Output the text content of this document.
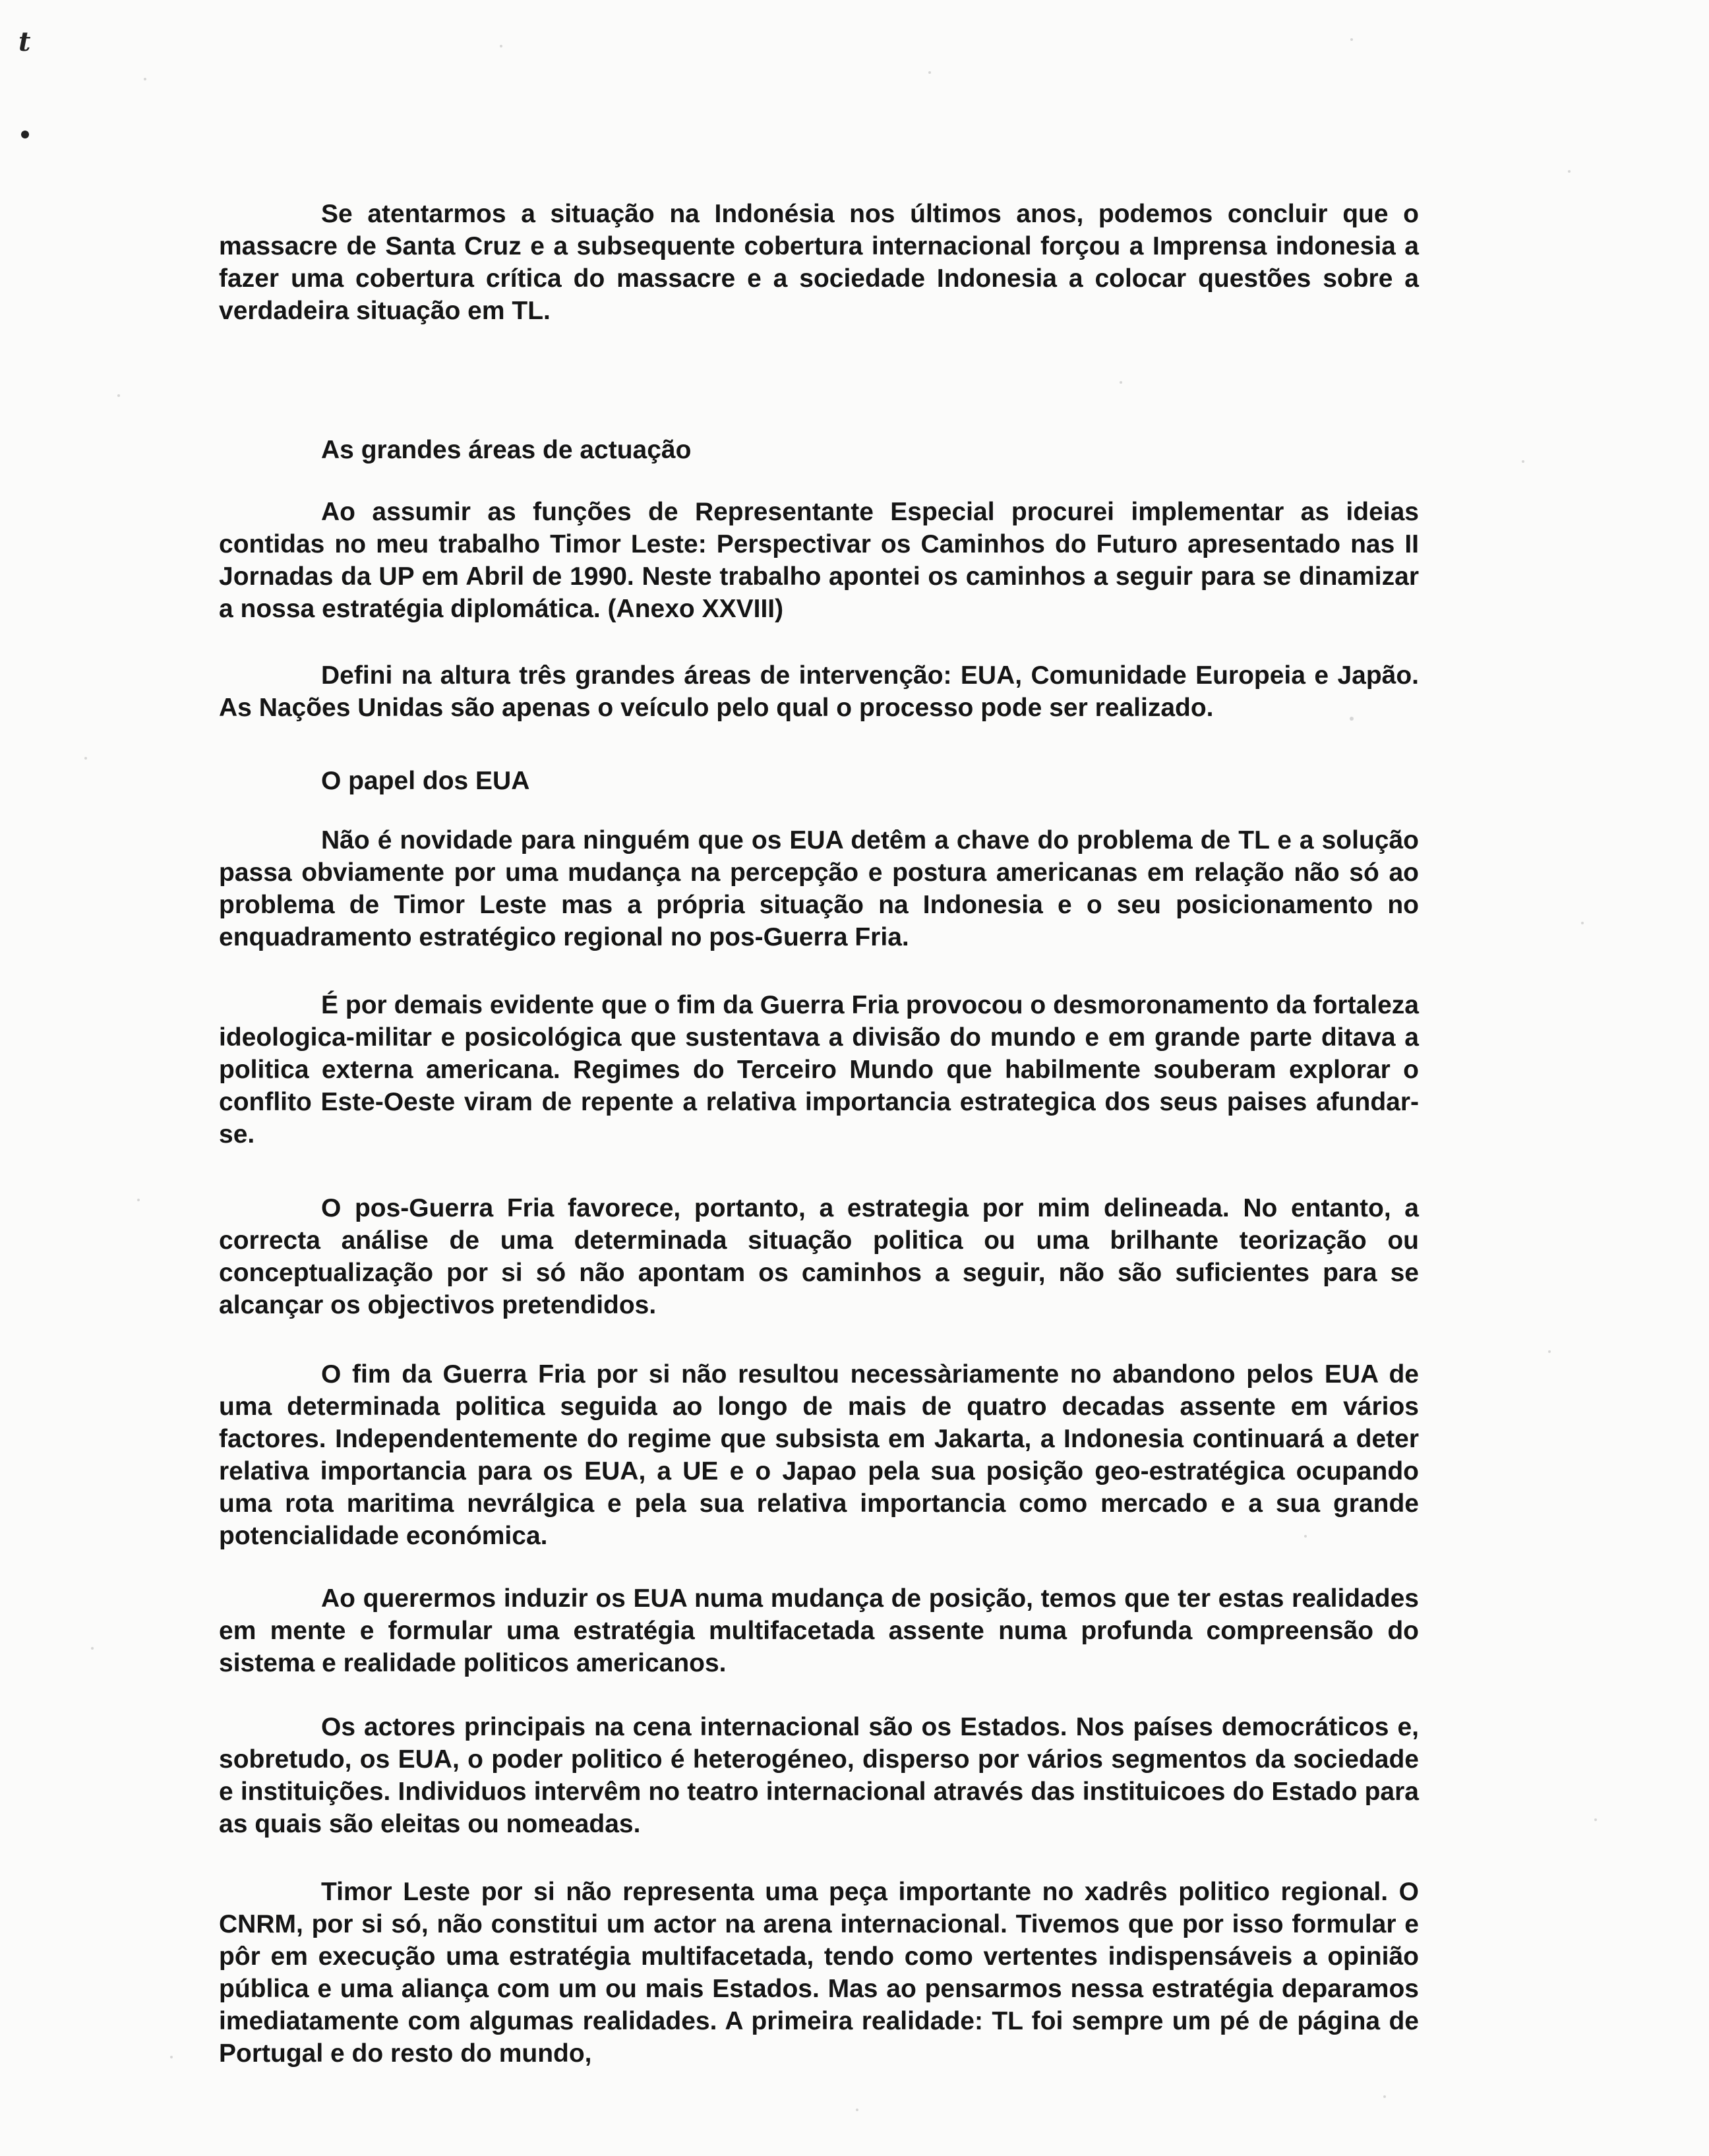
t

Se atentarmos a situação na Indonésia nos últimos anos, podemos concluir que o massacre de Santa Cruz e a subsequente cobertura internacional forçou a Imprensa indonesia a fazer uma cobertura crítica do massacre e a sociedade Indonesia a colocar questões sobre a verdadeira situação em TL.

As grandes áreas de actuação

Ao assumir as funções de Representante Especial procurei implementar as ideias contidas no meu trabalho Timor Leste: Perspectivar os Caminhos do Futuro apresentado nas II Jornadas da UP em Abril de 1990. Neste trabalho apontei os caminhos a seguir para se dinamizar a nossa estratégia diplomática. (Anexo XXVIII)

Defini na altura três grandes áreas de intervenção: EUA, Comunidade Europeia e Japão. As Nações Unidas são apenas o veículo pelo qual o processo pode ser realizado.

O papel dos EUA

Não é novidade para ninguém que os EUA detêm a chave do problema de TL e a solução passa obviamente por uma mudança na percepção e postura americanas em relação não só ao problema de Timor Leste mas a própria situação na Indonesia e o seu posicionamento no enquadramento estratégico regional no pos-Guerra Fria.

É por demais evidente que o fim da Guerra Fria provocou o desmoronamento da fortaleza ideologica-militar e posicológica que sustentava a divisão do mundo e em grande parte ditava a politica externa americana. Regimes do Terceiro Mundo que habilmente souberam explorar o conflito Este-Oeste viram de repente a relativa importancia estrategica dos seus paises afundar-se.

O pos-Guerra Fria favorece, portanto, a estrategia por mim delineada. No entanto, a correcta análise de uma determinada situação politica ou uma brilhante teorização ou conceptualização por si só não apontam os caminhos a seguir, não são suficientes para se alcançar os objectivos pretendidos.

O fim da Guerra Fria por si não resultou necessàriamente no abandono pelos EUA de uma determinada politica seguida ao longo de mais de quatro decadas assente em vários factores. Independentemente do regime que subsista em Jakarta, a Indonesia continuará a deter relativa importancia para os EUA, a UE e o Japao pela sua posição geo-estratégica ocupando uma rota maritima nevrálgica e pela sua relativa importancia como mercado e a sua grande potencialidade económica.

Ao querermos induzir os EUA numa mudança de posição, temos que ter estas realidades em mente e formular uma estratégia multifacetada assente numa profunda compreensão do sistema e realidade politicos americanos.

Os actores principais na cena internacional são os Estados. Nos países democráticos e, sobretudo, os EUA, o poder politico é heterogéneo, disperso por vários segmentos da sociedade e instituições. Individuos intervêm no teatro internacional através das instituicoes do Estado para as quais são eleitas ou nomeadas.

Timor Leste por si não representa uma peça importante no xadrês politico regional. O CNRM, por si só, não constitui um actor na arena internacional. Tivemos que por isso formular e pôr em execução uma estratégia multifacetada, tendo como vertentes indispensáveis a opinião pública e uma aliança com um ou mais Estados. Mas ao pensarmos nessa estratégia deparamos imediatamente com algumas realidades. A primeira realidade: TL foi sempre um pé de página de Portugal e do resto do mundo,
